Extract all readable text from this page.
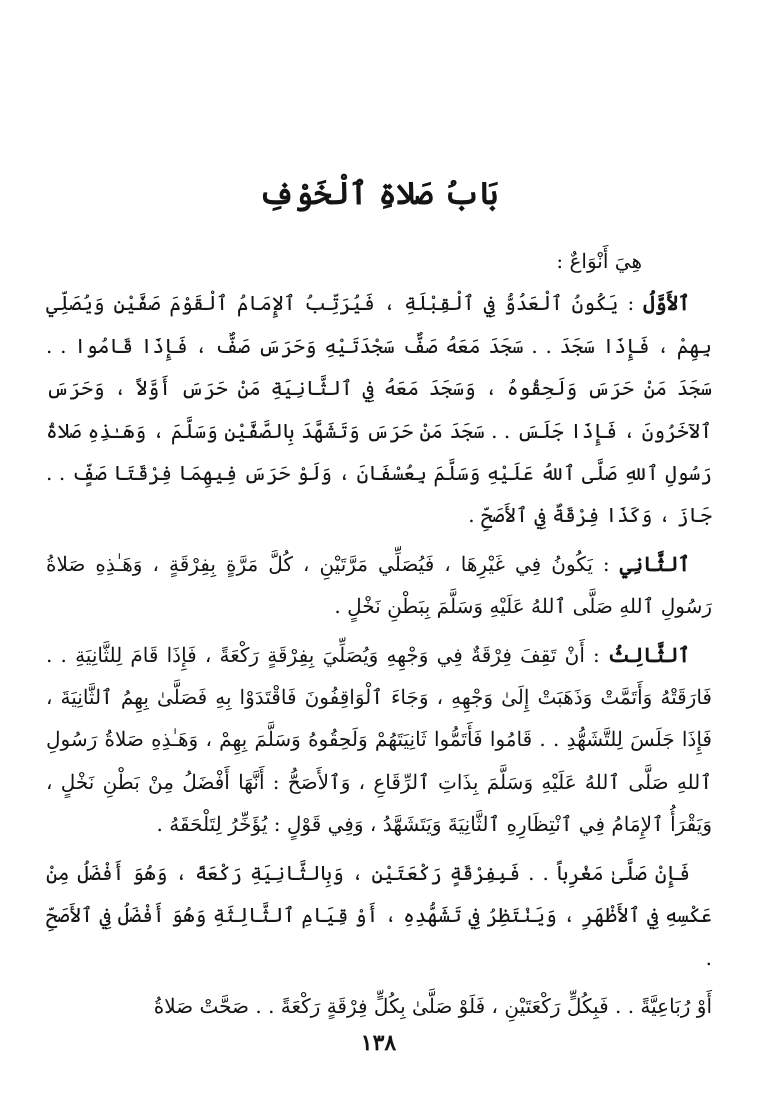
بَابُ صَلاةِ ٱلْخَوْفِ

هِيَ أَنْوَاعٌ :

ٱلأَوَّلُ : يَكُونُ ٱلْعَدُوُّ فِي ٱلْقِبْلَةِ ، فَيُرَتِّبُ ٱلإِمَامُ ٱلْقَوْمَ صَفَّيْنِ وَيُصَلِّي بِهِمْ ، فَإِذَا سَجَدَ . . سَجَدَ مَعَهُ صَفٌّ سَجْدَتَيْهِ وَحَرَسَ صَفٌّ ، فَإِذَا قَامُوا . . سَجَدَ مَنْ حَرَسَ وَلَحِقُوهُ ، وَسَجَدَ مَعَهُ فِي ٱلثَّانِيَةِ مَنْ حَرَسَ أَوَّلاً ، وَحَرَسَ ٱلآخَرُونَ ، فَإِذَا جَلَسَ . . سَجَدَ مَنْ حَرَسَ وَتَشَهَّدَ بِالصَّفَّيْنِ وَسَلَّمَ ، وَهَـٰذِهِ صَلاةُ رَسُولِ ٱللهِ صَلَّى ٱللهُ عَلَيْهِ وَسَلَّمَ بِعُسْفَانَ ، وَلَوْ حَرَسَ فِيهِمَا فِرْقَتَا صَفٍّ . . جَازَ ، وَكَذَا فِرْقَةٌ فِي ٱلأَصَحِّ .

ٱلثَّانِي : يَكُونُ فِي غَيْرِهَا ، فَيُصَلِّي مَرَّتَيْنِ ، كُلَّ مَرَّةٍ بِفِرْقَةٍ ، وَهَـٰذِهِ صَلاةُ رَسُولِ ٱللهِ صَلَّى ٱللهُ عَلَيْهِ وَسَلَّمَ بِبَطْنِ نَخْلٍ .

ٱلثَّالِثُ : أَنْ تَقِفَ فِرْقَةٌ فِي وَجْهِهِ وَيُصَلِّيَ بِفِرْقَةٍ رَكْعَةً ، فَإِذَا قَامَ لِلثَّانِيَةِ . . فَارَقَتْهُ وَأَتَمَّتْ وَذَهَبَتْ إِلَىٰ وَجْهِهِ ، وَجَاءَ ٱلْوَاقِفُونَ فَاقْتَدَوْا بِهِ فَصَلَّىٰ بِهِمُ ٱلثَّانِيَةَ ، فَإِذَا جَلَسَ لِلتَّشَهُّدِ . . قَامُوا فَأَتَمُّوا ثَانِيَتَهُمْ وَلَحِقُوهُ وَسَلَّمَ بِهِمْ ، وَهَـٰذِهِ صَلاةُ رَسُولِ ٱللهِ صَلَّى ٱللهُ عَلَيْهِ وَسَلَّمَ بِذَاتِ ٱلرِّقَاعِ ، وَٱلأَصَحُّ : أَنَّهَا أَفْضَلُ مِنْ بَطْنِ نَخْلٍ ، وَيَقْرَأُ ٱلإِمَامُ فِي ٱنْتِظَارِهِ ٱلثَّانِيَةَ وَيَتَشَهَّدُ ، وَفِي قَوْلٍ : يُؤَخِّرُ لِتَلْحَقَهُ .

فَإِنْ صَلَّىٰ مَغْرِباً . . فَبِفِرْقَةٍ رَكْعَتَيْنِ ، وَبِالثَّانِيَةِ رَكْعَةً ، وَهُوَ أَفْضَلُ مِنْ عَكْسِهِ فِي ٱلأَظْهَرِ ، وَيَنْتَظِرُ فِي تَشَهُّدِهِ ، أَوْ قِيَامِ ٱلثَّالِثَةِ وَهُوَ أَفْضَلُ فِي ٱلأَصَحِّ .

أَوْ رُبَاعِيَّةً . . فَبِكُلٍّ رَكْعَتَيْنِ ، فَلَوْ صَلَّىٰ بِكُلٍّ فِرْقَةٍ رَكْعَةً . . صَحَّتْ صَلاةُ

١٣٨
